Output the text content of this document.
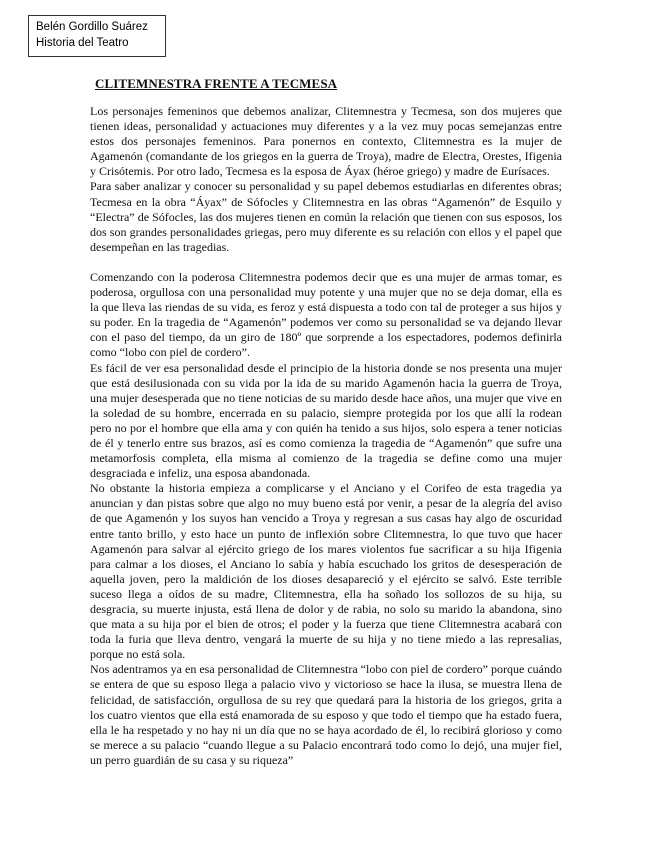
Belén Gordillo Suárez
Historia del Teatro
CLITEMNESTRA FRENTE A TECMESA

Los personajes femeninos que debemos analizar, Clitemnestra y Tecmesa, son dos mujeres que tienen ideas, personalidad y actuaciones muy diferentes y a la vez muy pocas semejanzas entre estos dos personajes femeninos. Para ponernos en contexto, Clitemnestra es la mujer de Agamenón (comandante de los griegos en la guerra de Troya), madre de Electra, Orestes, Ifigenia y Crisótemis. Por otro lado, Tecmesa es la esposa de Áyax (héroe griego) y madre de Eurísaces.

Para saber analizar y conocer su personalidad y su papel debemos estudiarlas en diferentes obras; Tecmesa en la obra “Áyax” de Sófocles y Clitemnestra en las obras “Agamenón” de Esquilo y “Electra” de Sófocles, las dos mujeres tienen en común la relación que tienen con sus esposos, los dos son grandes personalidades griegas, pero muy diferente es su relación con ellos y el papel que desempeñan en las tragedias.

Comenzando con la poderosa Clitemnestra podemos decir que es una mujer de armas tomar, es poderosa, orgullosa con una personalidad muy potente y una mujer que no se deja domar, ella es la que lleva las riendas de su vida, es feroz y está dispuesta a todo con tal de proteger a sus hijos y su poder. En la tragedia de “Agamenón” podemos ver como su personalidad se va dejando llevar con el paso del tiempo, da un giro de 180º que sorprende a los espectadores, podemos definirla como “lobo con piel de cordero”.

Es fácil de ver esa personalidad desde el principio de la historia donde se nos presenta una mujer que está desilusionada con su vida por la ida de su marido Agamenón hacia la guerra de Troya, una mujer desesperada que no tiene noticias de su marido desde hace años, una mujer que vive en la soledad de su hombre, encerrada en su palacio, siempre protegida por los que allí la rodean pero no por el hombre que ella ama y con quién ha tenido a sus hijos, solo espera a tener noticias de él y tenerlo entre sus brazos, así es como comienza la tragedia de “Agamenón” que sufre una metamorfosis completa, ella misma al comienzo de la tragedia se define como una mujer desgraciada e infeliz, una esposa abandonada.

No obstante la historia empieza a complicarse y el Anciano y el Corifeo de esta tragedia ya anuncian y dan pistas sobre que algo no muy bueno está por venir, a pesar de la alegría del aviso de que Agamenón y los suyos han vencido a Troya y regresan a sus casas hay algo de oscuridad entre tanto brillo, y esto hace un punto de inflexión sobre Clitemnestra, lo que tuvo que hacer Agamenón para salvar al ejército griego de los mares violentos fue sacrificar a su hija Ifigenia para calmar a los dioses, el Anciano lo sabía y había escuchado los gritos de desesperación de aquella joven, pero la maldición de los dioses desapareció y el ejército se salvó. Este terrible suceso llega a oídos de su madre, Clitemnestra, ella ha soñado los sollozos de su hija, su desgracia, su muerte injusta, está llena de dolor y de rabia, no solo su marido la abandona, sino que mata a su hija por el bien de otros; el poder y la fuerza que tiene Clitemnestra acabará con toda la furia que lleva dentro, vengará la muerte de su hija y no tiene miedo a las represalias, porque no está sola.

Nos adentramos ya en esa personalidad de Clitemnestra “lobo con piel de cordero” porque cuándo se entera de que su esposo llega a palacio vivo y victorioso se hace la ilusa, se muestra llena de felicidad, de satisfacción, orgullosa de su rey que quedará para la historia de los griegos, grita a los cuatro vientos que ella está enamorada de su esposo y que todo el tiempo que ha estado fuera, ella le ha respetado y no hay ni un día que no se haya acordado de él, lo recibirá glorioso y como se merece a su palacio “cuando llegue a su Palacio encontrará todo como lo dejó, una mujer fiel, un perro guardián de su casa y su riqueza”
